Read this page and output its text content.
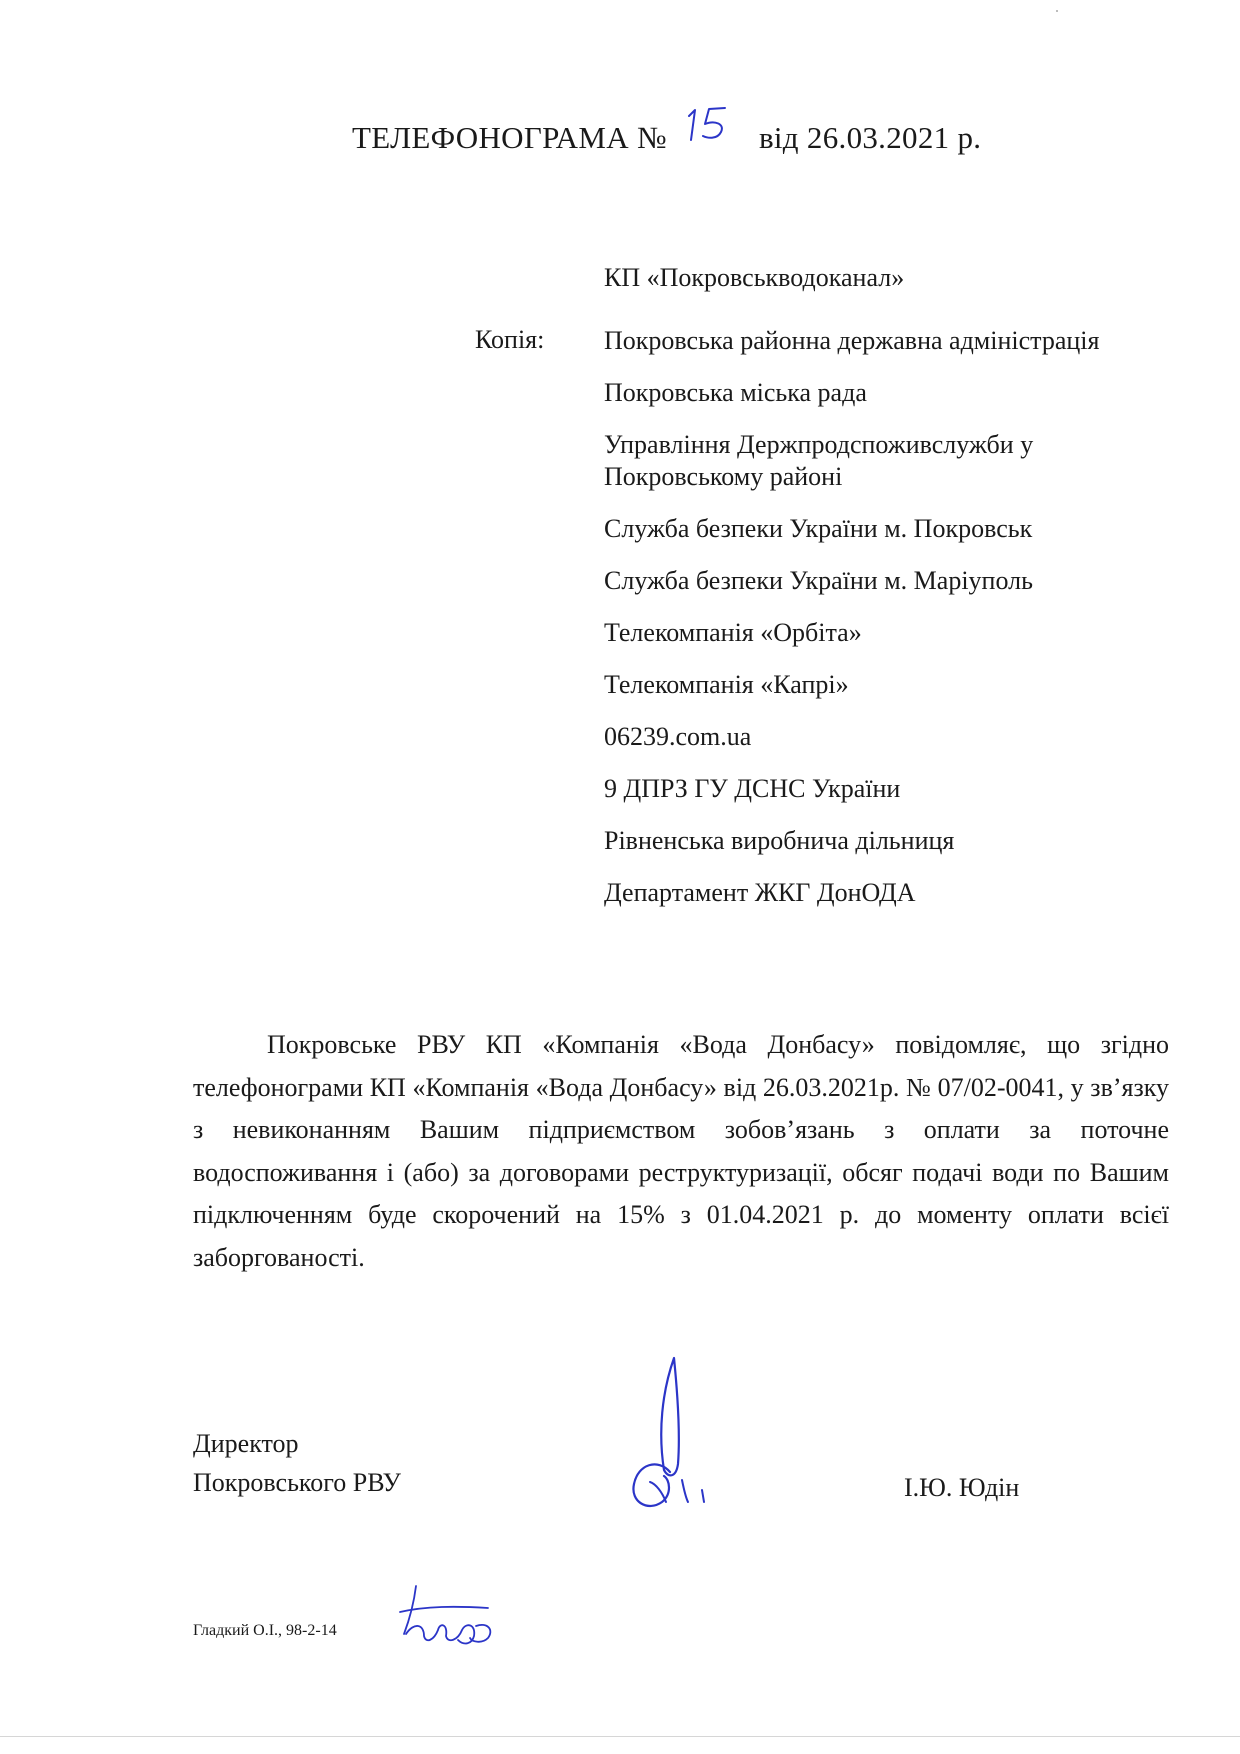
ТЕЛЕФОНОГРАМА №	від 26.03.2021 р.
КП «Покровськводоканал»
Копія: Покровська районна державна адміністрація
Покровська міська рада
Управління Держпродспоживслужби у Покровському районі
Служба безпеки України м. Покровськ
Служба безпеки України м. Маріуполь
Телекомпанія «Орбіта»
Телекомпанія «Капрі»
06239.com.ua
9 ДПРЗ ГУ ДСНС України
Рівненська виробнича дільниця
Департамент ЖКГ ДонОДА

Покровське РВУ КП «Компанія «Вода Донбасу» повідомляє, що згідно телефонограми КП «Компанія «Вода Донбасу» від 26.03.2021р. № 07/02-0041, у зв’язку з невиконанням Вашим підприємством зобов’язань з оплати за поточне водоспоживання і (або) за договорами реструктуризації, обсяг подачі води по Вашим підключенням буде скорочений на 15% з 01.04.2021 р. до моменту оплати всієї заборгованості.

Директор
Покровського РВУ	І.Ю. Юдін
Гладкий О.І., 98-2-14
